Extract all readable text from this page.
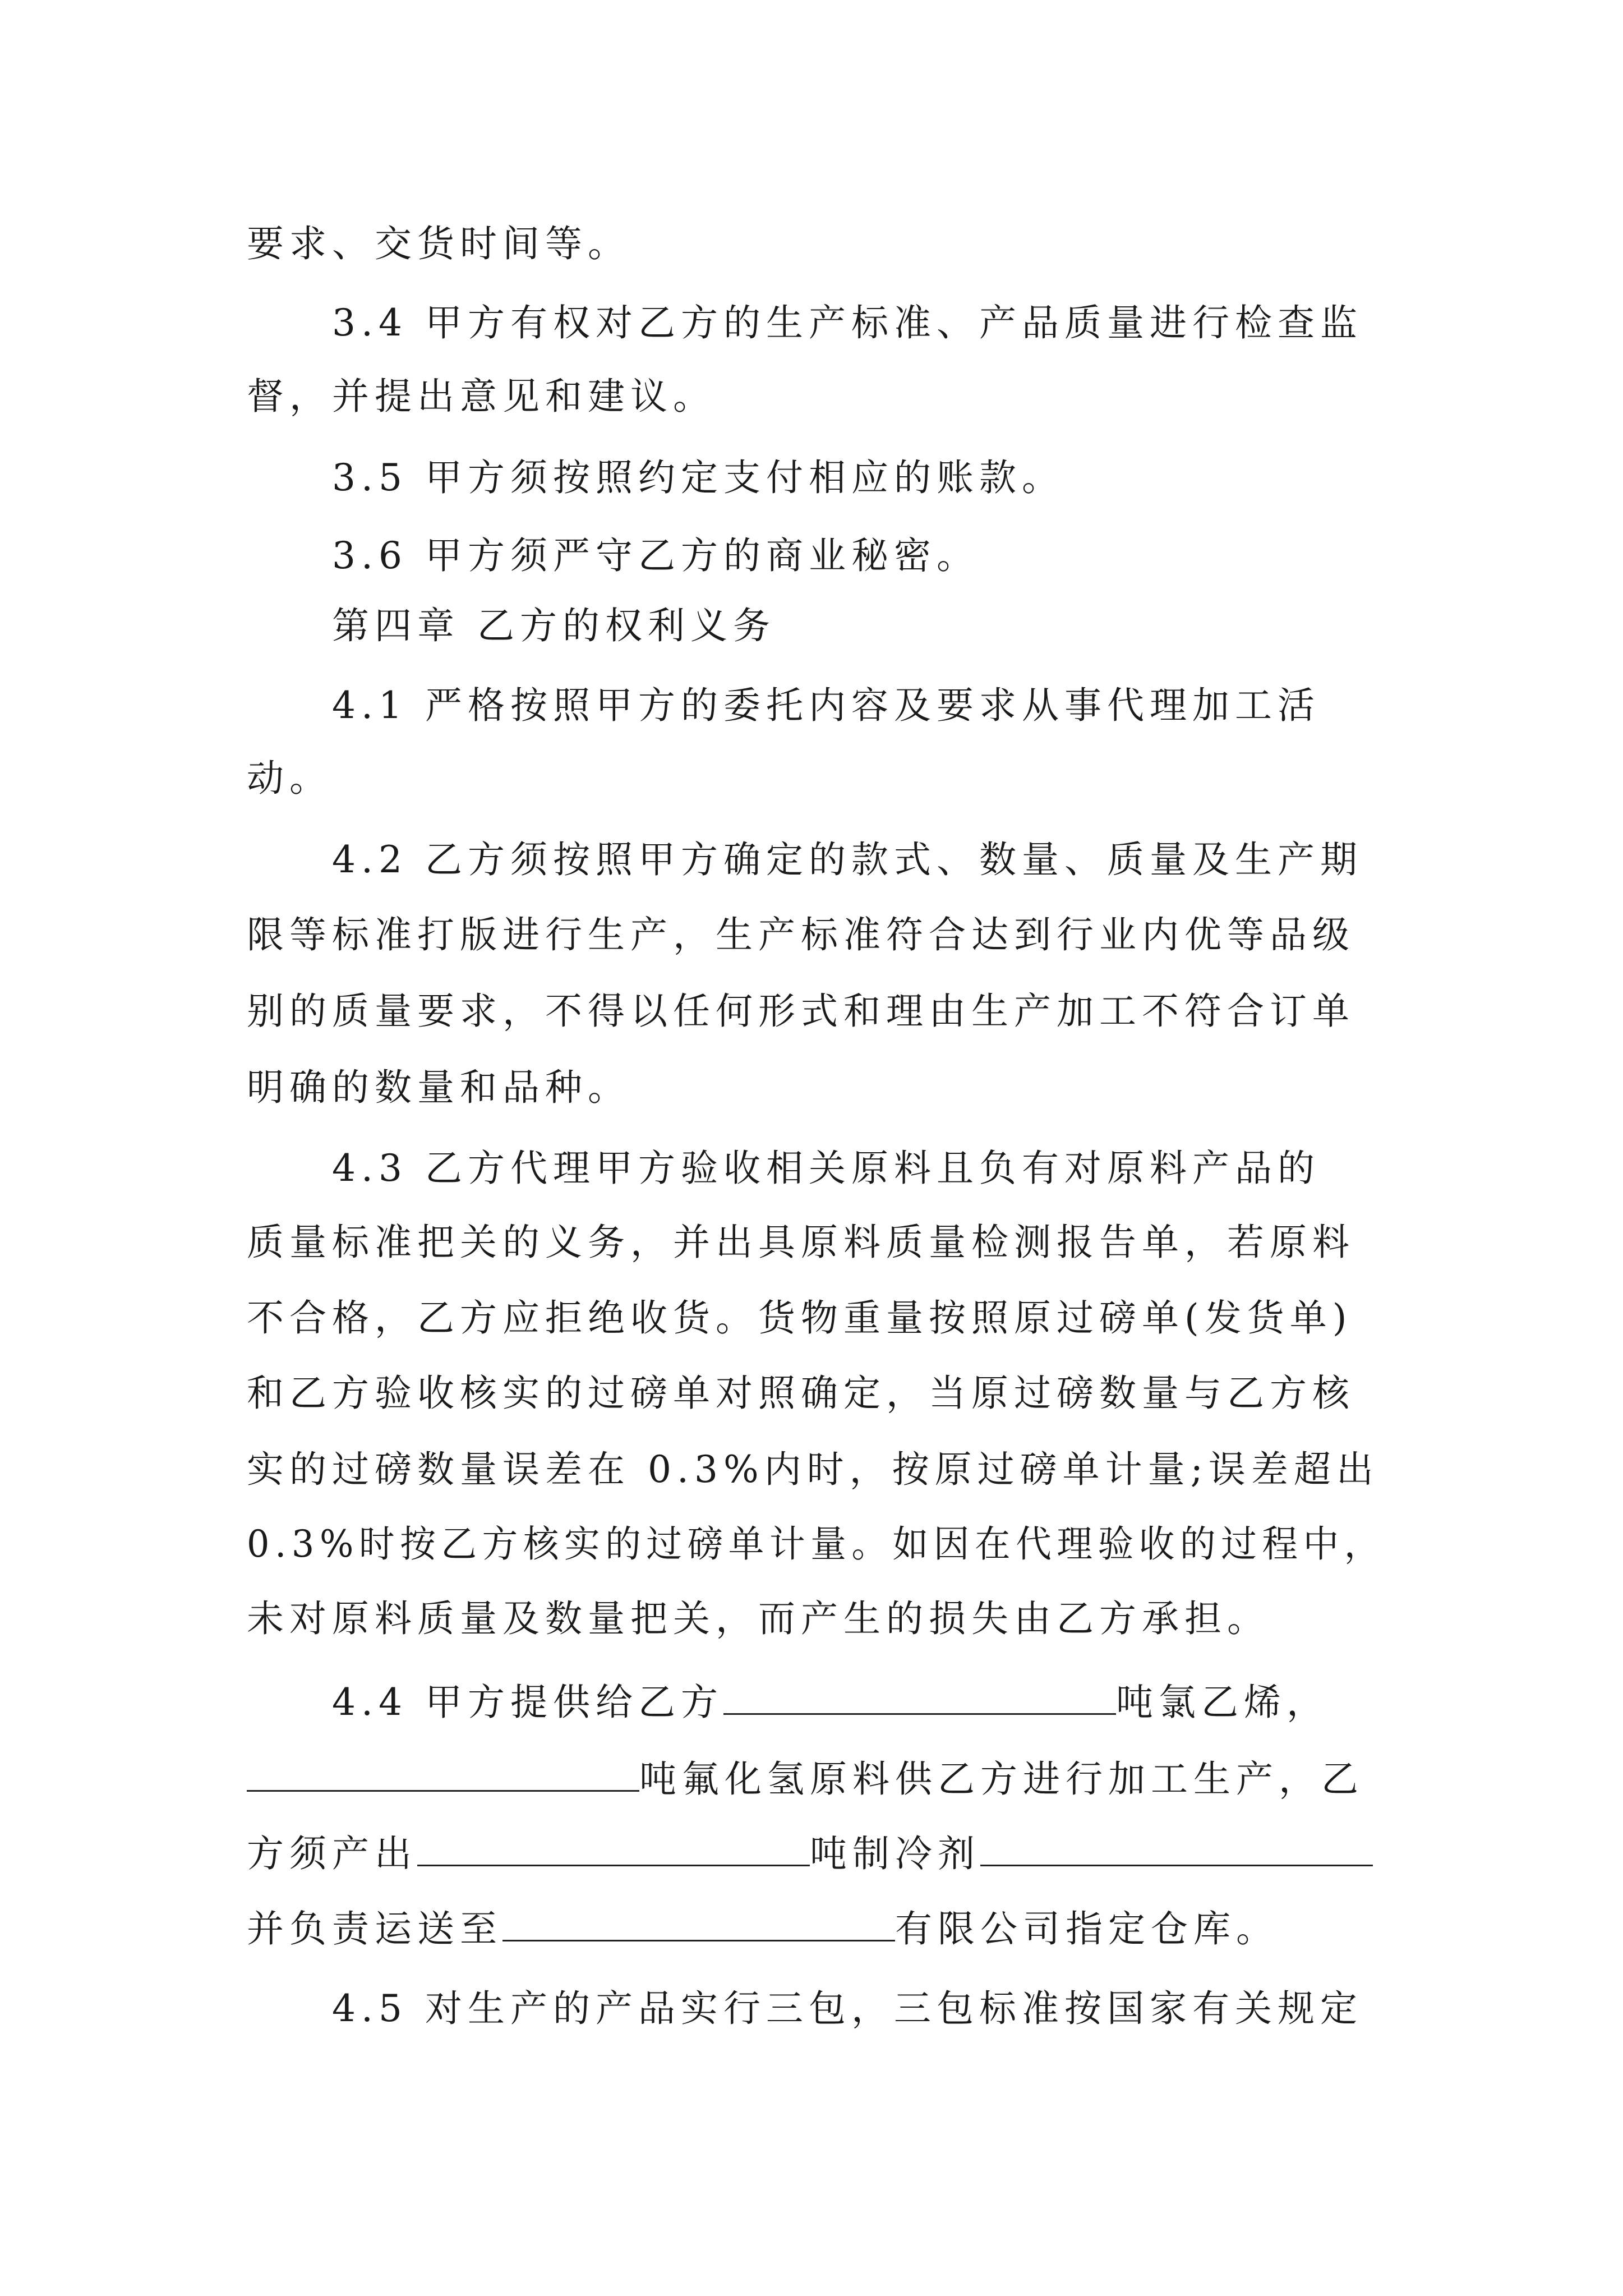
要求、交货时间等。
3.4 甲方有权对乙方的生产标准、产品质量进行检查监
督，并提出意见和建议。
3.5 甲方须按照约定支付相应的账款。
3.6 甲方须严守乙方的商业秘密。
第四章 乙方的权利义务
4.1 严格按照甲方的委托内容及要求从事代理加工活
动。
4.2 乙方须按照甲方确定的款式、数量、质量及生产期
限等标准打版进行生产，生产标准符合达到行业内优等品级
别的质量要求，不得以任何形式和理由生产加工不符合订单
明确的数量和品种。
4.3 乙方代理甲方验收相关原料且负有对原料产品的
质量标准把关的义务，并出具原料质量检测报告单，若原料
不合格，乙方应拒绝收货。货物重量按照原过磅单(发货单)
和乙方验收核实的过磅单对照确定，当原过磅数量与乙方核
实的过磅数量误差在 0.3%内时，按原过磅单计量;误差超出
0.3%时按乙方核实的过磅单计量。如因在代理验收的过程中，
未对原料质量及数量把关，而产生的损失由乙方承担。
4.4 甲方提供给乙方	吨氯乙烯，
吨氟化氢原料供乙方进行加工生产，乙
方须产出	吨制冷剂
并负责运送至	有限公司指定仓库。
4.5 对生产的产品实行三包，三包标准按国家有关规定
